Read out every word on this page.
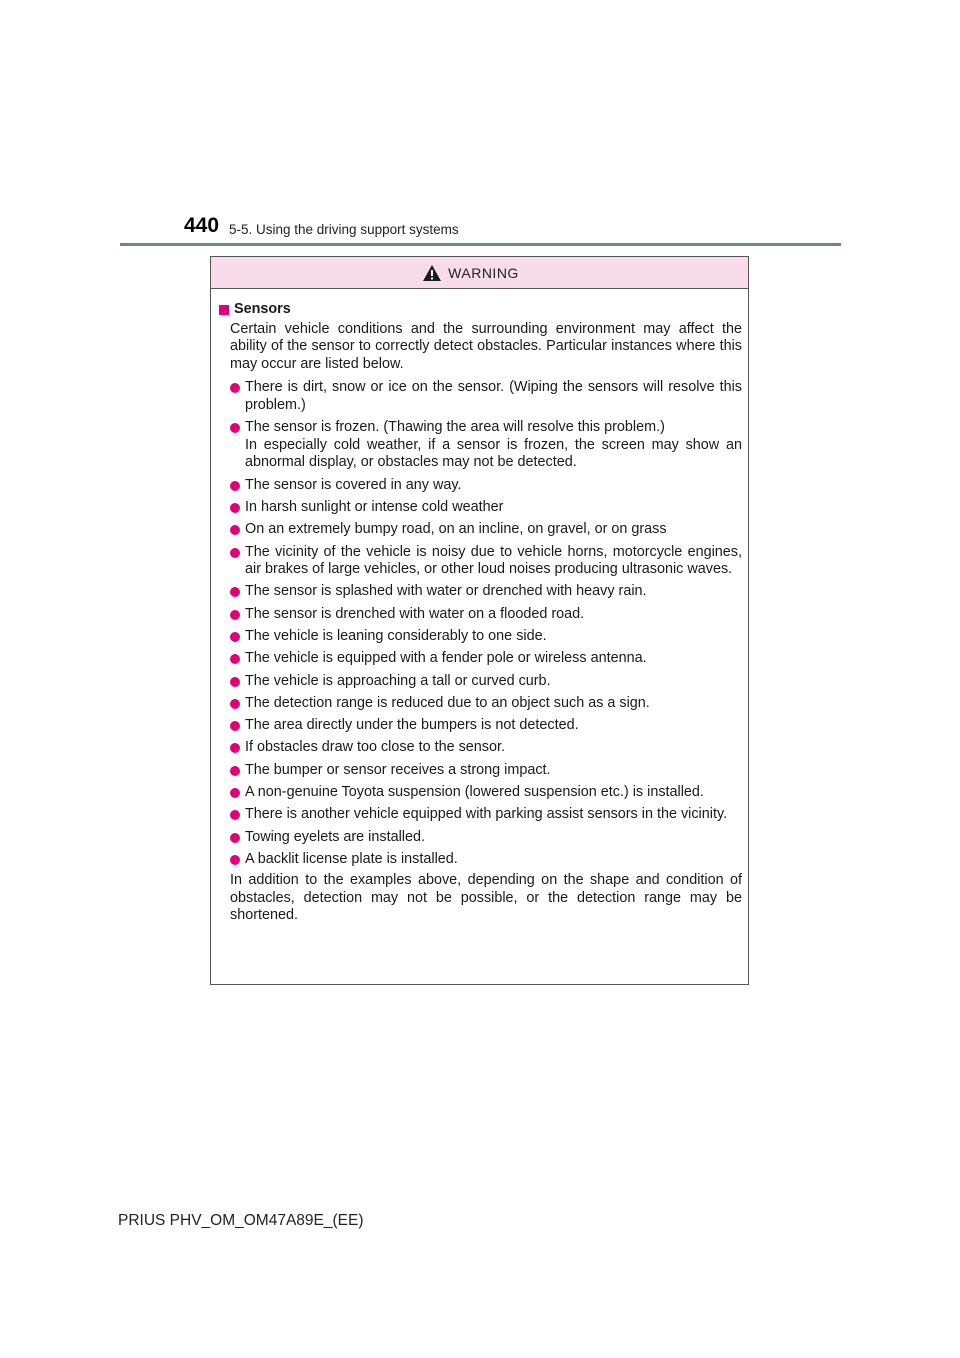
440 5-5. Using the driving support systems
WARNING
Sensors
Certain vehicle conditions and the surrounding environment may affect the ability of the sensor to correctly detect obstacles. Particular instances where this may occur are listed below.
There is dirt, snow or ice on the sensor. (Wiping the sensors will resolve this problem.)
The sensor is frozen. (Thawing the area will resolve this problem.)
In especially cold weather, if a sensor is frozen, the screen may show an abnormal display, or obstacles may not be detected.
The sensor is covered in any way.
In harsh sunlight or intense cold weather
On an extremely bumpy road, on an incline, on gravel, or on grass
The vicinity of the vehicle is noisy due to vehicle horns, motorcycle engines, air brakes of large vehicles, or other loud noises producing ultrasonic waves.
The sensor is splashed with water or drenched with heavy rain.
The sensor is drenched with water on a flooded road.
The vehicle is leaning considerably to one side.
The vehicle is equipped with a fender pole or wireless antenna.
The vehicle is approaching a tall or curved curb.
The detection range is reduced due to an object such as a sign.
The area directly under the bumpers is not detected.
If obstacles draw too close to the sensor.
The bumper or sensor receives a strong impact.
A non-genuine Toyota suspension (lowered suspension etc.) is installed.
There is another vehicle equipped with parking assist sensors in the vicinity.
Towing eyelets are installed.
A backlit license plate is installed.
In addition to the examples above, depending on the shape and condition of obstacles, detection may not be possible, or the detection range may be shortened.
PRIUS PHV_OM_OM47A89E_(EE)
